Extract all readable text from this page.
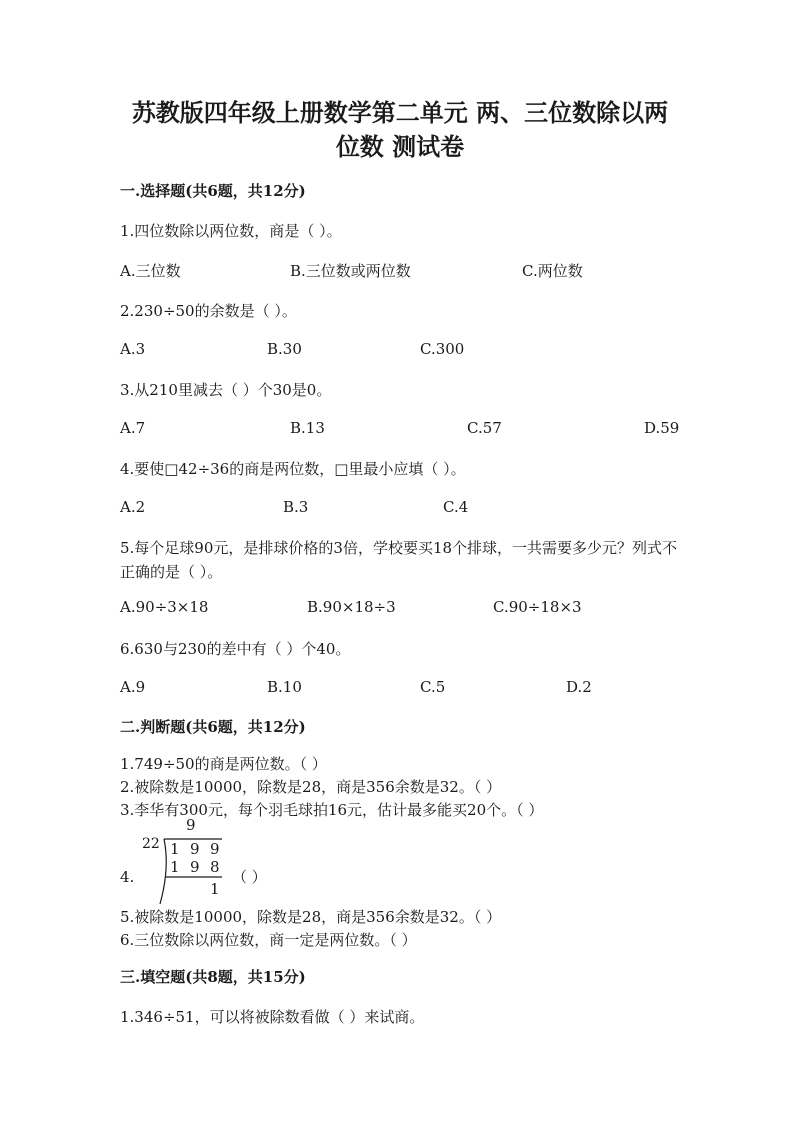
苏教版四年级上册数学第二单元 两、三位数除以两
位数 测试卷
一.选择题(共6题，共12分)
1.四位数除以两位数，商是（ ）。
A.三位数	B.三位数或两位数	C.两位数
2.230÷50的余数是（ ）。
A.3	B.30	C.300
3.从210里减去（ ）个30是0。
A.7	B.13	C.57	D.59
4.要使□42÷36的商是两位数，□里最小应填（ ）。
A.2	B.3	C.4
5.每个足球90元，是排球价格的3倍，学校要买18个排球，一共需要多少元？列式不正确的是（ ）。
A.90÷3×18	B.90×18÷3	C.90÷18×3
6.630与230的差中有（ ）个40。
A.9	B.10	C.5	D.2
二.判断题(共6题，共12分)
1.749÷50的商是两位数。（ ）
2.被除数是10000，除数是28，商是356余数是32。（ ）
3.李华有300元，每个羽毛球拍16元，估计最多能买20个。（ ）
9
22 1 9 9
1 9 8
1
4.	（ ）
5.被除数是10000，除数是28，商是356余数是32。（ ）
6.三位数除以两位数，商一定是两位数。（ ）
三.填空题(共8题，共15分)
1.346÷51，可以将被除数看做（ ）来试商。
